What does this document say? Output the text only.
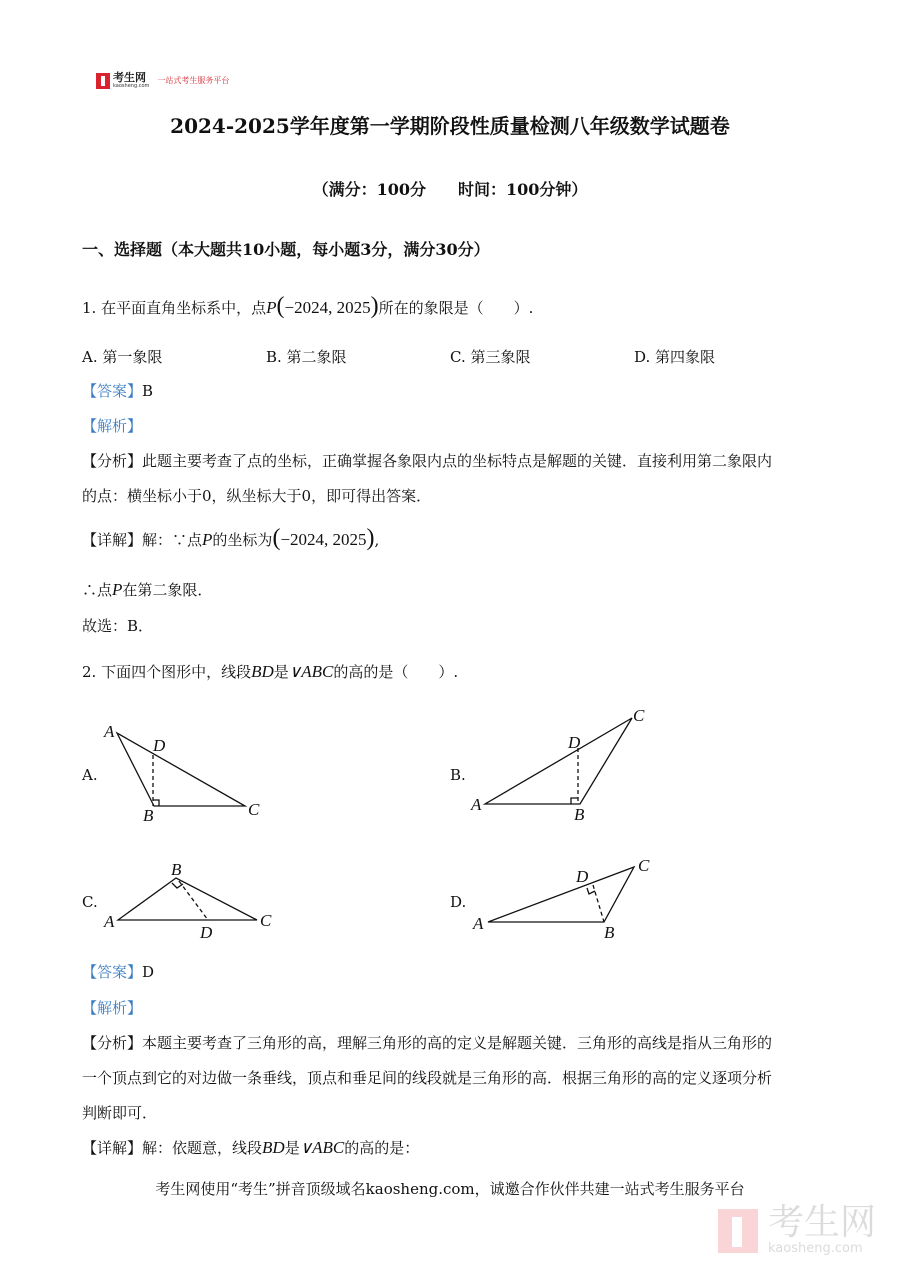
考生网
kaosheng.com
一站式考生服务平台
2024-2025学年度第一学期阶段性质量检测八年级数学试题卷
（满分：100分　　时间：100分钟）
一、选择题（本大题共10小题，每小题3分，满分30分）
1. 在平面直角坐标系中，点P(−2024, 2025)所在的象限是（　　）.
A. 第一象限	B. 第二象限	C. 第三象限	D. 第四象限
【答案】B
【解析】
【分析】此题主要考查了点的坐标，正确掌握各象限内点的坐标特点是解题的关键．直接利用第二象限内
的点：横坐标小于0，纵坐标大于0，即可得出答案．
【详解】解：∵点P的坐标为(−2024, 2025),
∴点P在第二象限．
故选：B．
2. 下面四个图形中，线段BD是∨ABC的高的是（　　）.
A.	B.
C.	D.
A
B	C
D
A
B
C
D
A
B
C
D	A	B
C
D
【答案】D
【解析】
【分析】本题主要考查了三角形的高，理解三角形的高的定义是解题关键．三角形的高线是指从三角形的
一个顶点到它的对边做一条垂线，顶点和垂足间的线段就是三角形的高．根据三角形的高的定义逐项分析
判断即可．
【详解】解：依题意，线段BD是∨ABC的高的是：
考生网使用“考生”拼音顶级域名kaosheng.com，诚邀合作伙伴共建一站式考生服务平台
考生网
kaosheng.com
